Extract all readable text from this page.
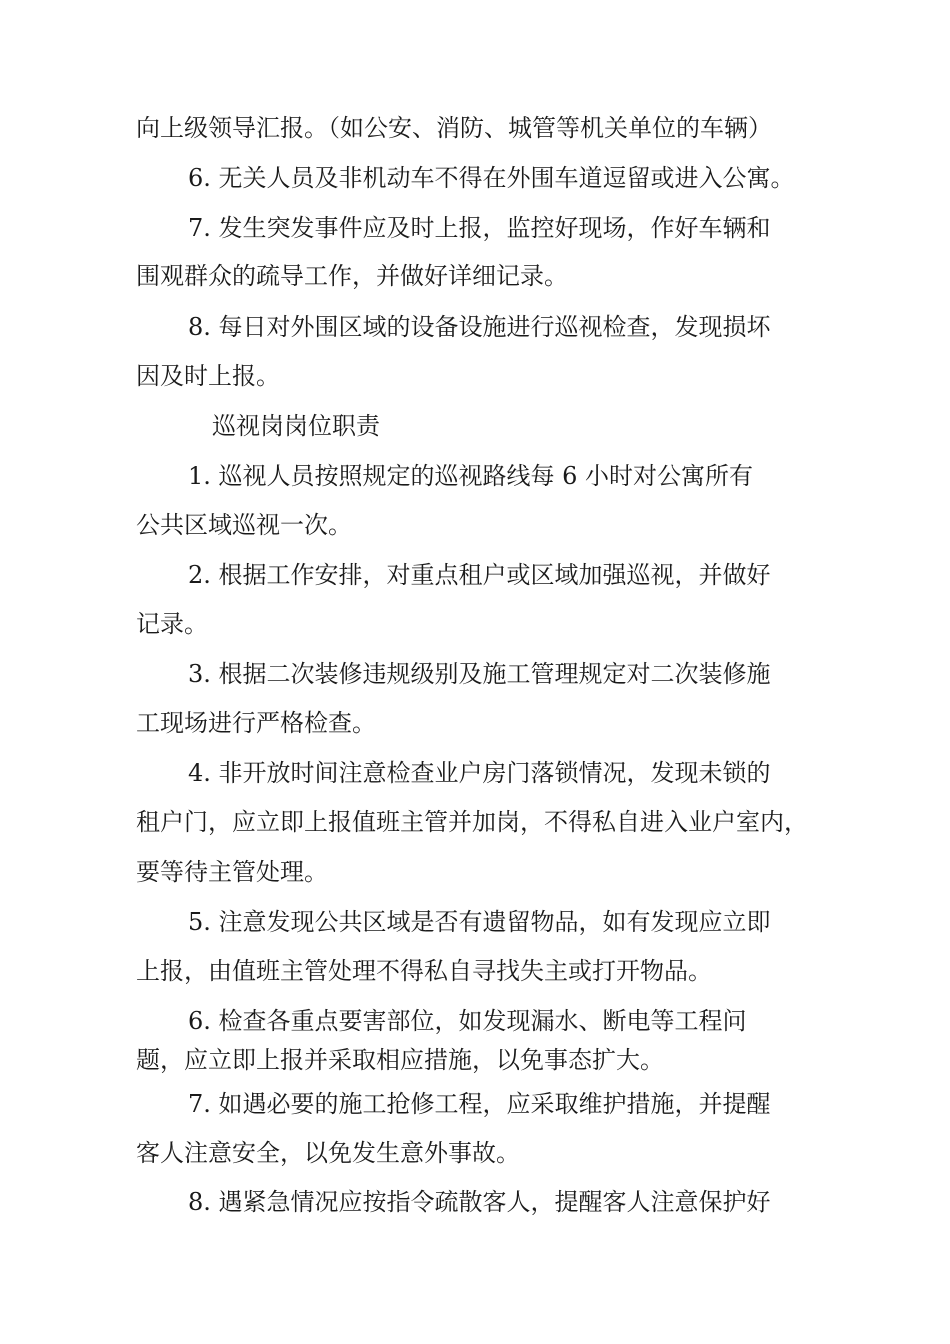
向上级领导汇报。（如公安、消防、城管等机关单位的车辆）
6. 无关人员及非机动车不得在外围车道逗留或进入公寓。
7. 发生突发事件应及时上报，监控好现场，作好车辆和
围观群众的疏导工作，并做好详细记录。
8. 每日对外围区域的设备设施进行巡视检查，发现损坏
因及时上报。
巡视岗岗位职责
1. 巡视人员按照规定的巡视路线每 6 小时对公寓所有
公共区域巡视一次。
2. 根据工作安排，对重点租户或区域加强巡视，并做好
记录。
3. 根据二次装修违规级别及施工管理规定对二次装修施
工现场进行严格检查。
4. 非开放时间注意检查业户房门落锁情况，发现未锁的
租户门，应立即上报值班主管并加岗，不得私自进入业户室内，
要等待主管处理。
5. 注意发现公共区域是否有遗留物品，如有发现应立即
上报，由值班主管处理不得私自寻找失主或打开物品。
6. 检查各重点要害部位，如发现漏水、断电等工程问
题，应立即上报并采取相应措施，以免事态扩大。
7. 如遇必要的施工抢修工程，应采取维护措施，并提醒
客人注意安全，以免发生意外事故。
8. 遇紧急情况应按指令疏散客人，提醒客人注意保护好
